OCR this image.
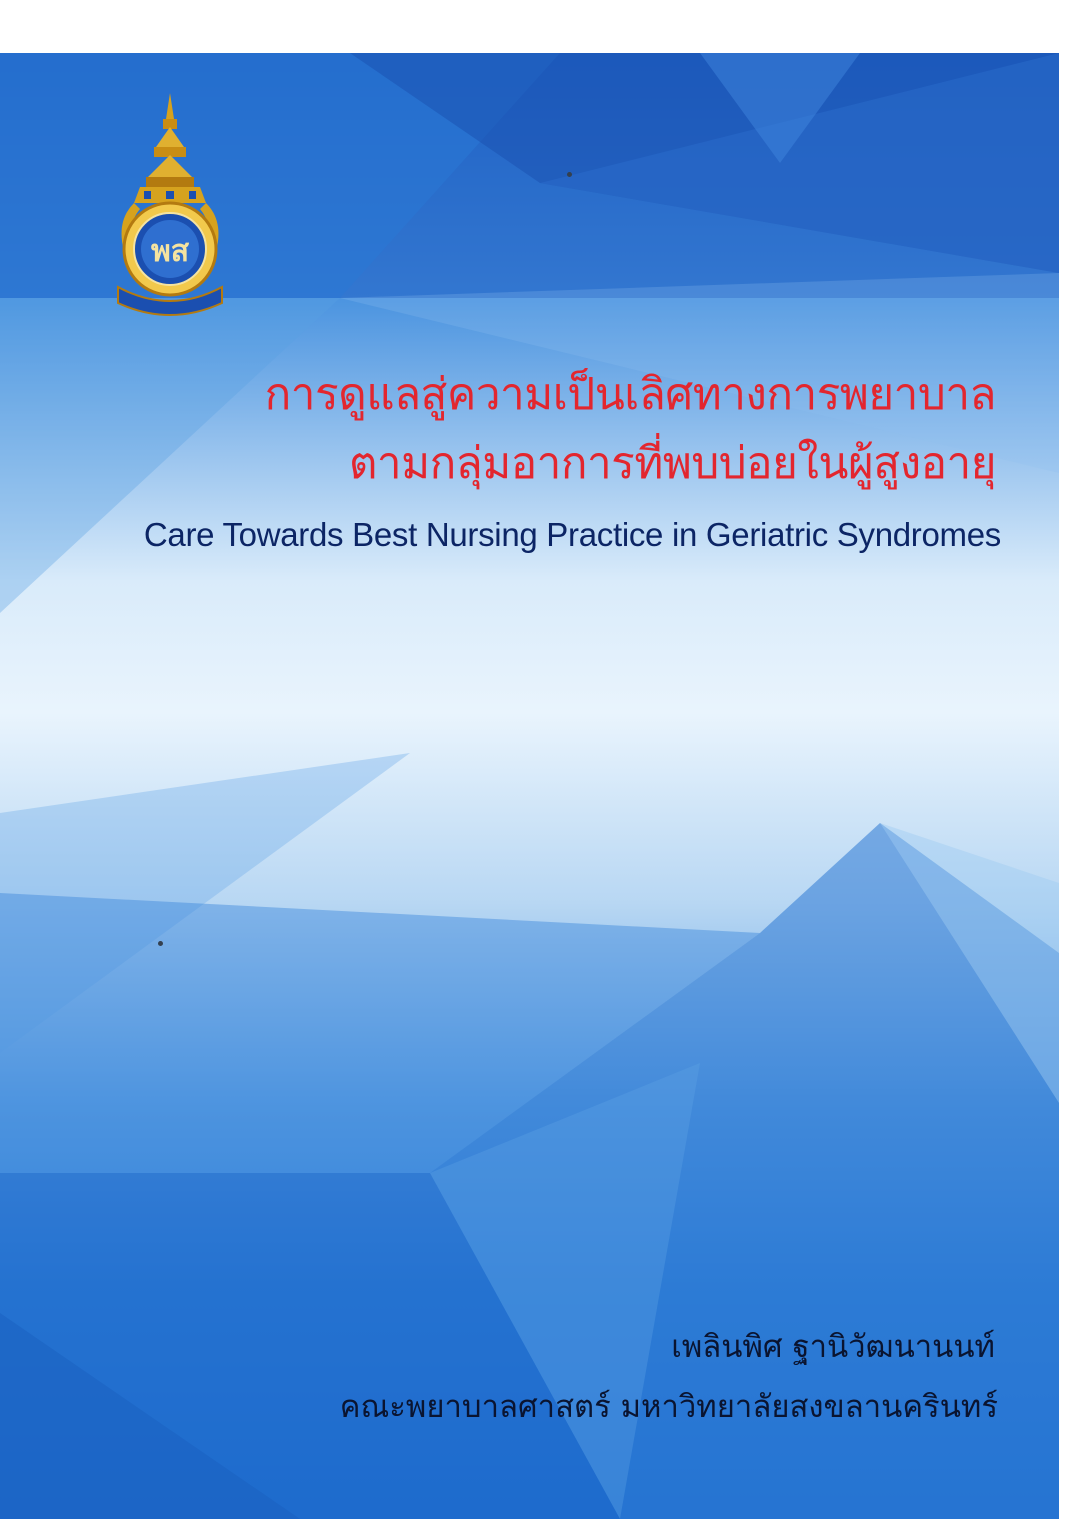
พส
การดูแลสู่ความเป็นเลิศทางการพยาบาล
ตามกลุ่มอาการที่พบบ่อยในผู้สูงอายุ
Care Towards Best Nursing Practice in Geriatric Syndromes
เพลินพิศ ฐานิวัฒนานนท์
คณะพยาบาลศาสตร์ มหาวิทยาลัยสงขลานครินทร์
